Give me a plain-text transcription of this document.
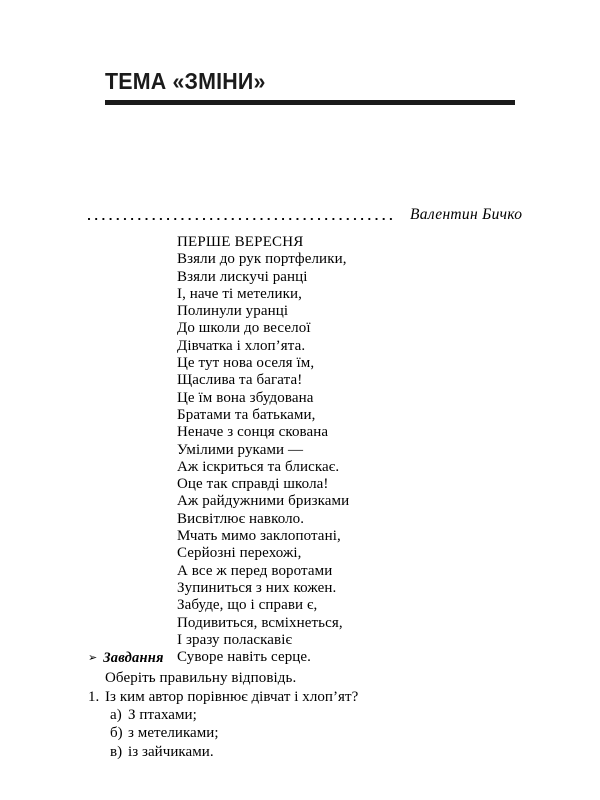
ТЕМА «ЗМІНИ»
Валентин Бичко
ПЕРШЕ ВЕРЕСНЯ
Взяли до рук портфелики,
Взяли лискучі ранці
І, наче ті метелики,
Полинули уранці
До школи до веселої
Дівчатка і хлоп’ята.
Це тут нова оселя їм,
Щаслива та багата!
Це їм вона збудована
Братами та батьками,
Неначе з сонця скована
Умілими руками —
Аж іскриться та блискає.
Оце так справді школа!
Аж райдужними бризками
Висвітлює навколо.
Мчать мимо заклопотані,
Серйозні перехожі,
А все ж перед воротами
Зупиниться з них кожен.
Забуде, що і справи є,
Подивиться, всміхнеться,
І зразу поласкавіє
Суворе навіть серце.
➢ Завдання
Оберіть правильну відповідь.
1. Із ким автор порівнює дівчат і хлоп’ят?
а) З птахами;
б) з метеликами;
в) із зайчиками.
